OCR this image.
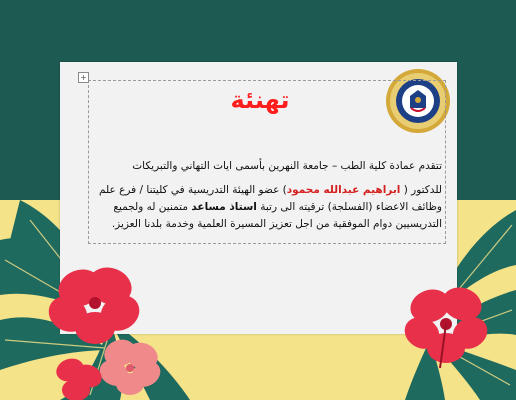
+
تهنئة

تتقدم عمادة كلية الطب – جامعة النهرين بأسمى ايات التهاني والتبريكات

للدكتور ( ابراهيم عبدالله محمود) عضو الهيئة التدريسية في كليتنا / فرع علم

وظائف الاعضاء (الفسلجة) ترقيته الى رتبة استاذ مساعد متمنين له ولجميع

التدريسيين دوام الموفقية من اجل تعزيز المسيرة العلمية وخدمة بلدنا العزيز.
